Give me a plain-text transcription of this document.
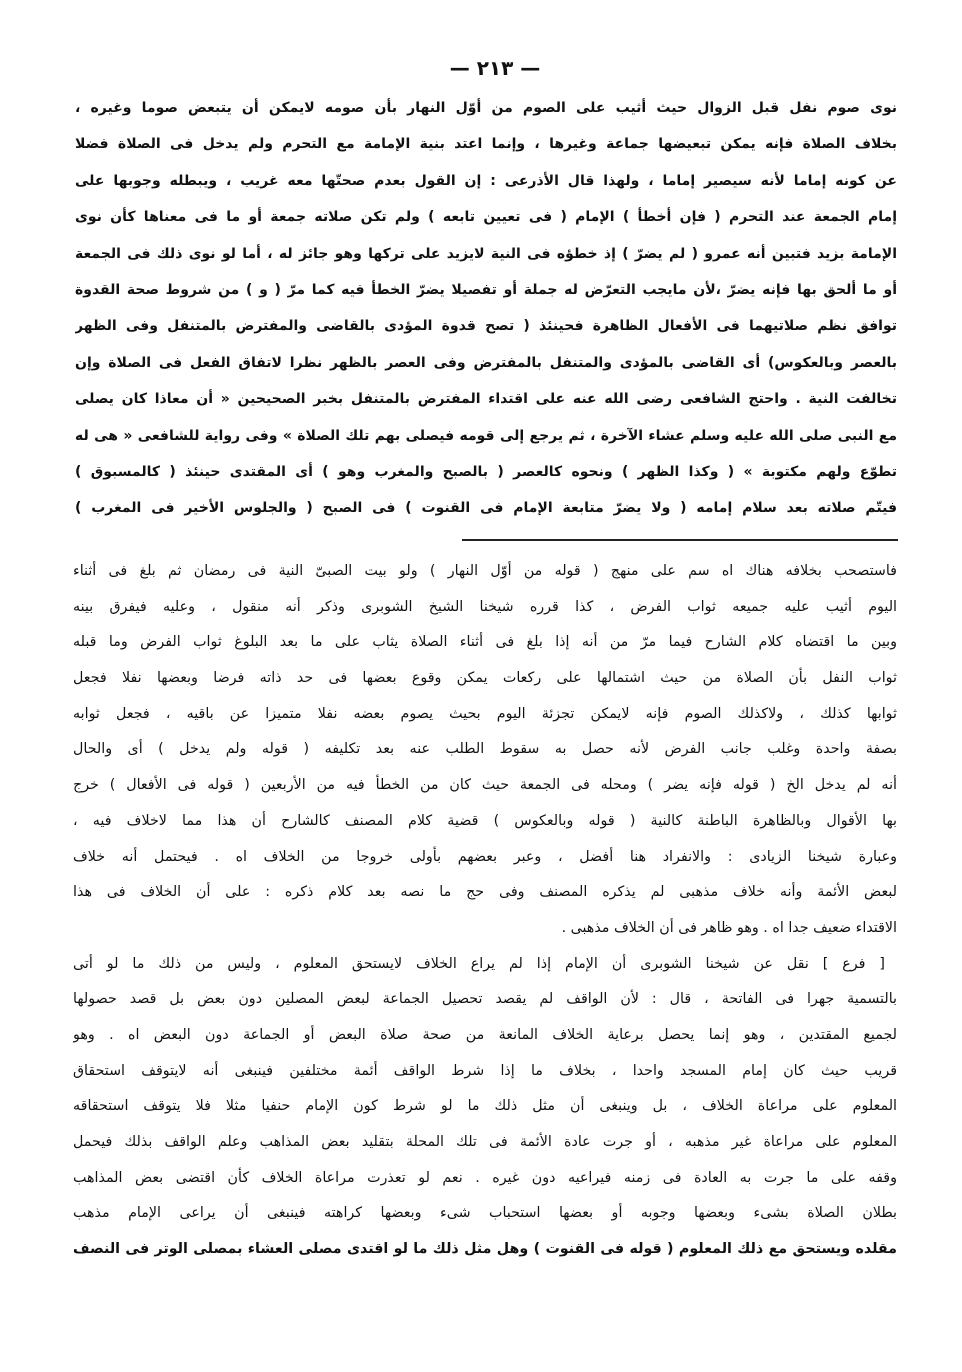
— ٢١٣ —
نوى صوم نفل قبل الزوال حيث أثيب على الصوم من أوّل النهار بأن صومه لايمكن أن يتبعض صوما وغيره ،
بخلاف الصلاة فإنه يمكن تبعيضها جماعة وغيرها ، وإنما اعتد بنية الإمامة مع التحرم ولم يدخل فى الصلاة فضلا
عن كونه إماما لأنه سيصير إماما ، ولهذا قال الأذرعى : إن القول بعدم صحتّها معه غريب ، ويبطله وجوبها على
إمام الجمعة عند التحرم ( فإن أخطأ ) الإمام ( فى تعيين تابعه ) ولم تكن صلاته جمعة أو ما فى معناها كأن نوى
الإمامة بزيد فتبين أنه عمرو ( لم يضرّ ) إذ خطؤه فى النية لايزيد على تركها وهو جائز له ، أما لو نوى ذلك فى الجمعة
أو ما ألحق بها فإنه يضرّ ،لأن مايجب التعرّض له جملة أو تفصيلا يضرّ الخطأ فيه كما مرّ ( و ) من شروط صحة القدوة
توافق نظم صلاتيهما فى الأفعال الظاهرة فحينئذ ( تصح قدوة المؤدى بالقاضى والمفترض بالمتنفل وفى الظهر
بالعصر وبالعكوس) أى القاضى بالمؤدى والمتنفل بالمفترض وفى العصر بالظهر نظرا لاتفاق الفعل فى الصلاة وإن
تخالفت النية . واحتج الشافعى رضى الله عنه على اقتداء المفترض بالمتنفل بخبر الصحيحين « أن معاذا كان يصلى
مع النبى صلى الله عليه وسلم عشاء الآخرة ، ثم يرجع إلى قومه فيصلى بهم تلك الصلاة » وفى رواية للشافعى « هى له
تطوّع ولهم مكتوبة » ( وكذا الظهر ) ونحوه كالعصر ( بالصبح والمغرب وهو ) أى المقتدى حينئذ ( كالمسبوق )
فيتّم صلاته بعد سلام إمامه ( ولا يضرّ متابعة الإمام فى القنوت ) فى الصبح ( والجلوس الأخير فى المغرب )
فاستصحب بخلافه هناك اه سم على منهج ( قوله من أوّل النهار ) ولو بيت الصبىّ النية فى رمضان ثم بلغ فى أثناء
اليوم أثيب عليه جميعه ثواب الفرض ، كذا قرره شيخنا الشيخ الشوبرى وذكر أنه منقول ، وعليه فيفرق بينه
وبين ما اقتضاه كلام الشارح فيما مرّ من أنه إذا بلغ فى أثناء الصلاة يثاب على ما بعد البلوغ ثواب الفرض وما قبله
ثواب النفل بأن الصلاة من حيث اشتمالها على ركعات يمكن وقوع بعضها فى حد ذاته فرضا وبعضها نفلا فجعل
ثوابها كذلك ، ولاكذلك الصوم فإنه لايمكن تجزئة اليوم بحيث يصوم بعضه نفلا متميزا عن باقيه ، فجعل ثوابه
بصفة واحدة وغلب جانب الفرض لأنه حصل به سقوط الطلب عنه بعد تكليفه ( قوله ولم يدخل ) أى والحال
أنه لم يدخل الخ ( قوله فإنه يضر ) ومحله فى الجمعة حيث كان من الخطأ فيه من الأربعين ( قوله فى الأفعال ) خرج
بها الأقوال وبالظاهرة الباطنة كالنية ( قوله وبالعكوس ) قضية كلام المصنف كالشارح أن هذا مما لاخلاف فيه ،
وعبارة شيخنا الزيادى : والانفراد هنا أفضل ، وعبر بعضهم بأولى خروجا من الخلاف اه . فيحتمل أنه خلاف
لبعض الأئمة وأنه خلاف مذهبى لم يذكره المصنف وفى حج ما نصه بعد كلام ذكره : على أن الخلاف فى هذا
الاقتداء ضعيف جدا اه . وهو ظاهر فى أن الخلاف مذهبى .
[ فرع ] نقل عن شيخنا الشوبرى أن الإمام إذا لم يراع الخلاف لايستحق المعلوم ، وليس من ذلك ما لو أتى
بالتسمية جهرا فى الفاتحة ، قال : لأن الواقف لم يقصد تحصيل الجماعة لبعض المصلين دون بعض بل قصد حصولها
لجميع المقتدين ، وهو إنما يحصل برعاية الخلاف المانعة من صحة صلاة البعض أو الجماعة دون البعض اه . وهو
قريب حيث كان إمام المسجد واحدا ، بخلاف ما إذا شرط الواقف أئمة مختلفين فينبغى أنه لايتوقف استحقاق
المعلوم على مراعاة الخلاف ، بل وينبغى أن مثل ذلك ما لو شرط كون الإمام حنفيا مثلا فلا يتوقف استحقاقه
المعلوم على مراعاة غير مذهبه ، أو جرت عادة الأئمة فى تلك المحلة بتقليد بعض المذاهب وعلم الواقف بذلك فيحمل
وقفه على ما جرت به العادة فى زمنه فيراعيه دون غيره . نعم لو تعذرت مراعاة الخلاف كأن اقتضى بعض المذاهب
بطلان الصلاة بشىء وبعضها وجوبه أو بعضها استحباب شىء وبعضها كراهته فينبغى أن يراعى الإمام مذهب
مقلده ويستحق مع ذلك المعلوم ( قوله فى القنوت ) وهل مثل ذلك ما لو اقتدى مصلى العشاء بمصلى الوتر فى النصف
